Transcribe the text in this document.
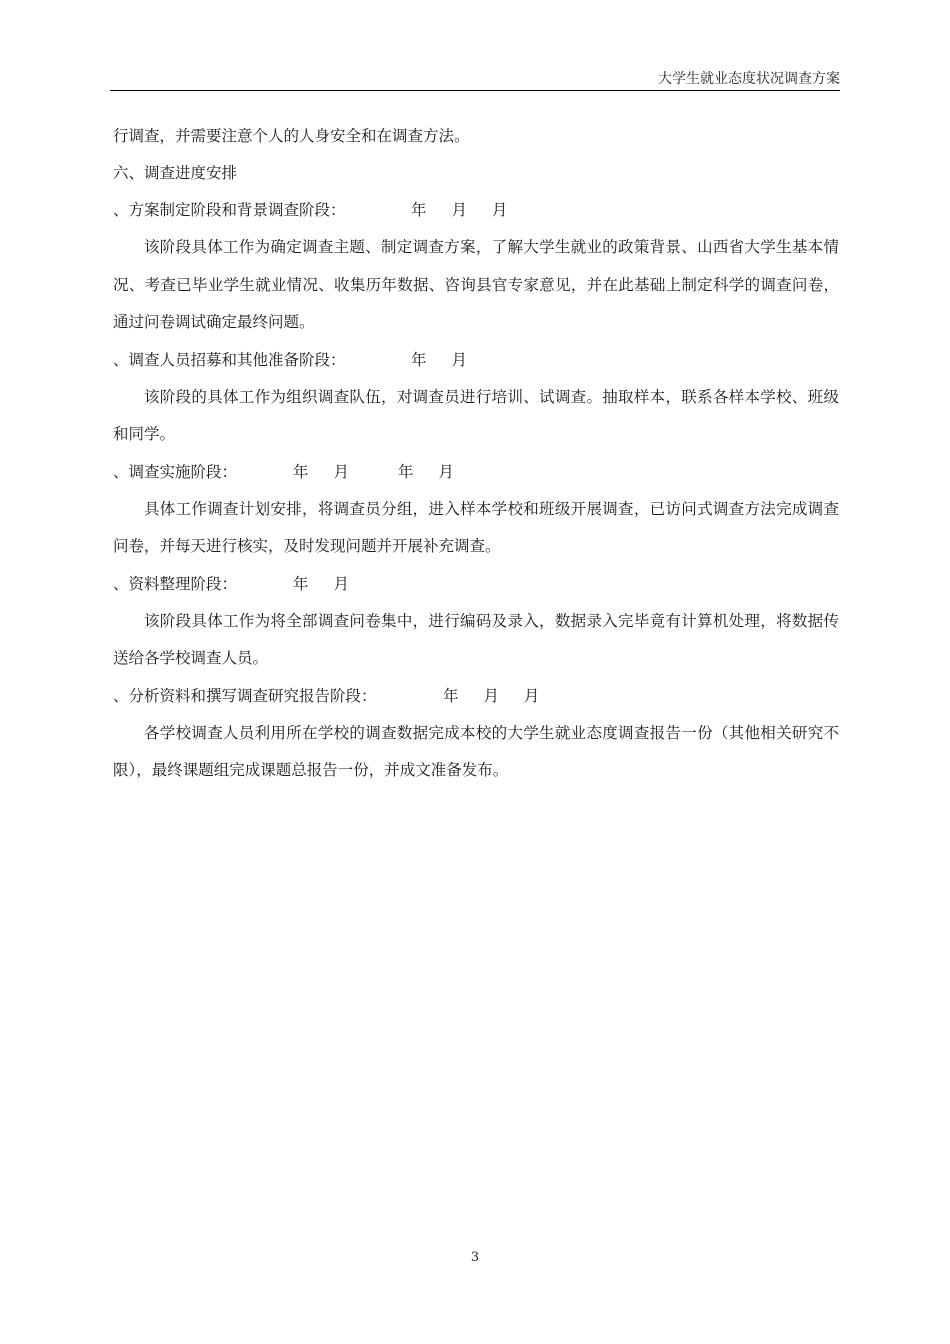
大学生就业态度状况调查方案
行调查，并需要注意个人的人身安全和在调查方法。
六、调查进度安排
、方案制定阶段和背景调查阶段：	年 月 月

该阶段具体工作为确定调查主题、制定调查方案，了解大学生就业的政策背景、山西省大学生基本情况、考查已毕业学生就业情况、收集历年数据、咨询县官专家意见，并在此基础上制定科学的调查问卷，通过问卷调试确定最终问题。

、调查人员招募和其他准备阶段：	年 月

该阶段的具体工作为组织调查队伍，对调查员进行培训、试调查。抽取样本，联系各样本学校、班级和同学。

、调查实施阶段：	年 月	年 月

具体工作调查计划安排，将调查员分组，进入样本学校和班级开展调查，已访问式调查方法完成调查问卷，并每天进行核实，及时发现问题并开展补充调查。

、资料整理阶段：	年 月

该阶段具体工作为将全部调查问卷集中，进行编码及录入，数据录入完毕竟有计算机处理，将数据传送给各学校调查人员。

、分析资料和撰写调查研究报告阶段：	年 月 月

各学校调查人员利用所在学校的调查数据完成本校的大学生就业态度调查报告一份（其他相关研究不限），最终课题组完成课题总报告一份，并成文准备发布。

3
